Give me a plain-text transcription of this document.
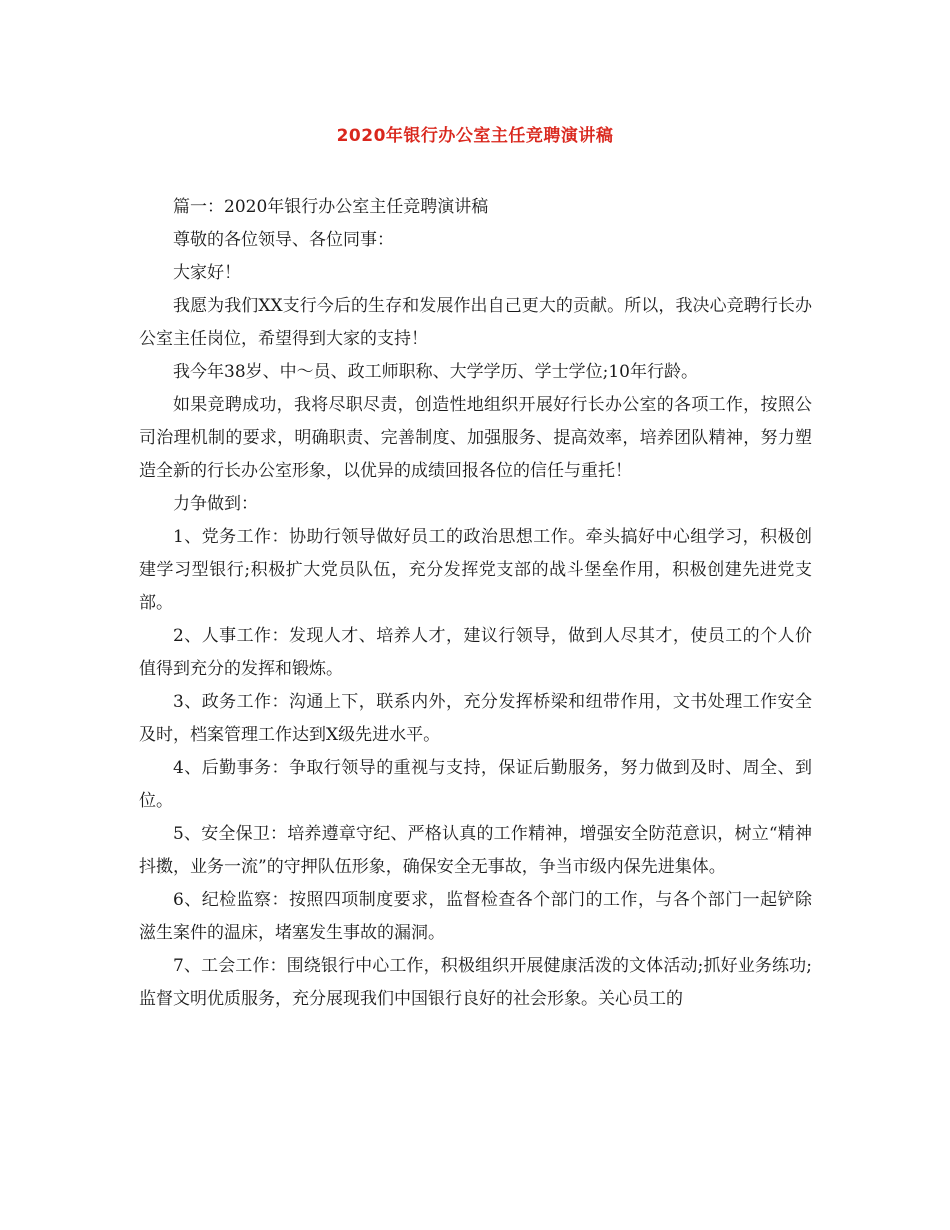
2020年银行办公室主任竞聘演讲稿

篇一：2020年银行办公室主任竞聘演讲稿

尊敬的各位领导、各位同事：

大家好！

我愿为我们XX支行今后的生存和发展作出自己更大的贡献。所以，我决心竞聘行长办公室主任岗位，希望得到大家的支持！

我今年38岁、中～员、政工师职称、大学学历、学士学位;10年行龄。

如果竞聘成功，我将尽职尽责，创造性地组织开展好行长办公室的各项工作，按照公司治理机制的要求，明确职责、完善制度、加强服务、提高效率，培养团队精神，努力塑造全新的行长办公室形象，以优异的成绩回报各位的信任与重托！

力争做到：

1、党务工作：协助行领导做好员工的政治思想工作。牵头搞好中心组学习，积极创建学习型银行;积极扩大党员队伍，充分发挥党支部的战斗堡垒作用，积极创建先进党支部。

2、人事工作：发现人才、培养人才，建议行领导，做到人尽其才，使员工的个人价值得到充分的发挥和锻炼。

3、政务工作：沟通上下，联系内外，充分发挥桥梁和纽带作用，文书处理工作安全及时，档案管理工作达到X级先进水平。

4、后勤事务：争取行领导的重视与支持，保证后勤服务，努力做到及时、周全、到位。

5、安全保卫：培养遵章守纪、严格认真的工作精神，增强安全防范意识，树立“精神抖擞，业务一流”的守押队伍形象，确保安全无事故，争当市级内保先进集体。

6、纪检监察：按照四项制度要求，监督检查各个部门的工作，与各个部门一起铲除滋生案件的温床，堵塞发生事故的漏洞。

7、工会工作：围绕银行中心工作，积极组织开展健康活泼的文体活动;抓好业务练功;监督文明优质服务，充分展现我们中国银行良好的社会形象。关心员工的
